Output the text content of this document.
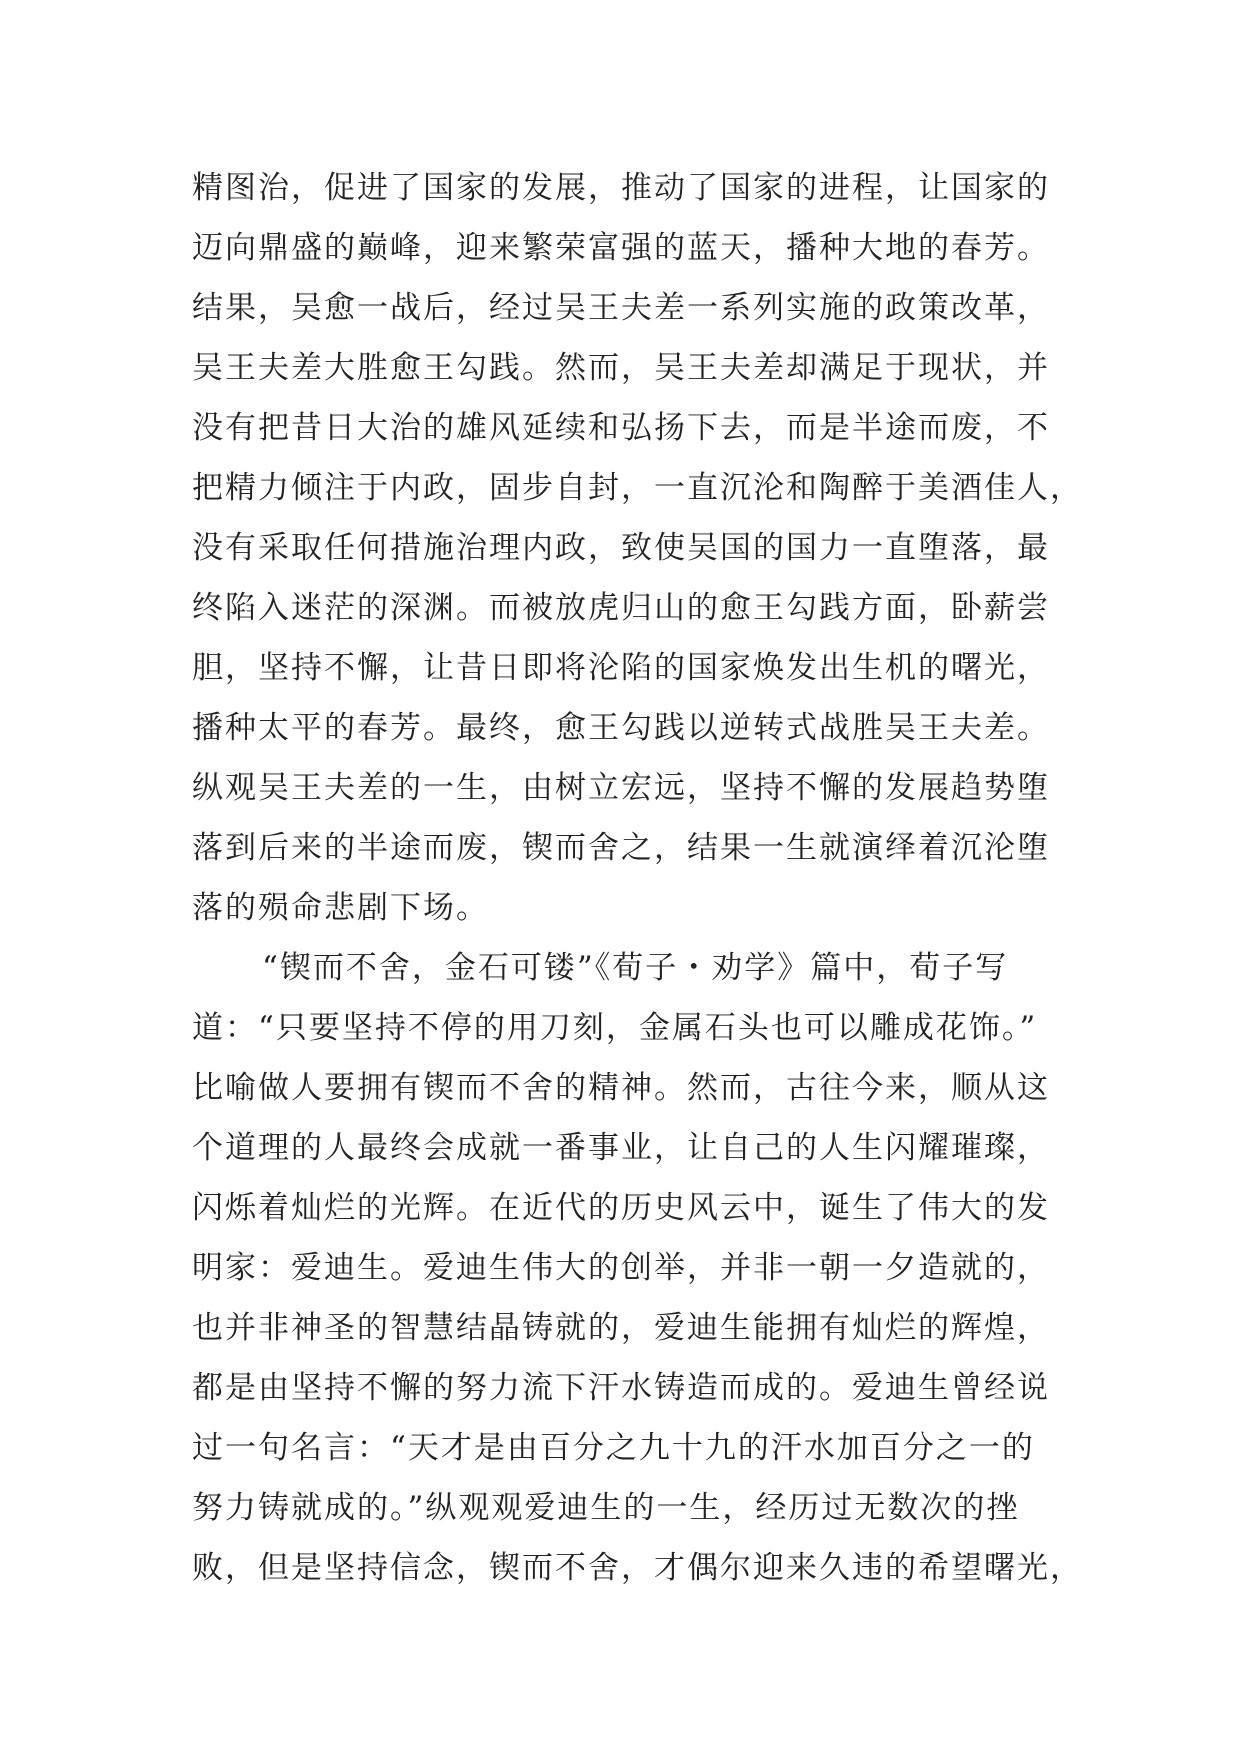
精图治，促进了国家的发展，推动了国家的进程，让国家的
迈向鼎盛的巅峰，迎来繁荣富强的蓝天，播种大地的春芳。
结果，吴愈一战后，经过吴王夫差一系列实施的政策改革，
吴王夫差大胜愈王勾践。然而，吴王夫差却满足于现状，并
没有把昔日大治的雄风延续和弘扬下去，而是半途而废，不
把精力倾注于内政，固步自封，一直沉沦和陶醉于美酒佳人，
没有采取任何措施治理内政，致使吴国的国力一直堕落，最
终陷入迷茫的深渊。而被放虎归山的愈王勾践方面，卧薪尝
胆，坚持不懈，让昔日即将沦陷的国家焕发出生机的曙光，
播种太平的春芳。最终，愈王勾践以逆转式战胜吴王夫差。
纵观吴王夫差的一生，由树立宏远，坚持不懈的发展趋势堕
落到后来的半途而废，锲而舍之，结果一生就演绎着沉沦堕
落的殒命悲剧下场。
“锲而不舍，金石可镂”《荀子・劝学》篇中，荀子写
道：“只要坚持不停的用刀刻，金属石头也可以雕成花饰。”
比喻做人要拥有锲而不舍的精神。然而，古往今来，顺从这
个道理的人最终会成就一番事业，让自己的人生闪耀璀璨，
闪烁着灿烂的光辉。在近代的历史风云中，诞生了伟大的发
明家：爱迪生。爱迪生伟大的创举，并非一朝一夕造就的，
也并非神圣的智慧结晶铸就的，爱迪生能拥有灿烂的辉煌，
都是由坚持不懈的努力流下汗水铸造而成的。爱迪生曾经说
过一句名言：“天才是由百分之九十九的汗水加百分之一的
努力铸就成的。”纵观观爱迪生的一生，经历过无数次的挫
败，但是坚持信念，锲而不舍，才偶尔迎来久违的希望曙光，
